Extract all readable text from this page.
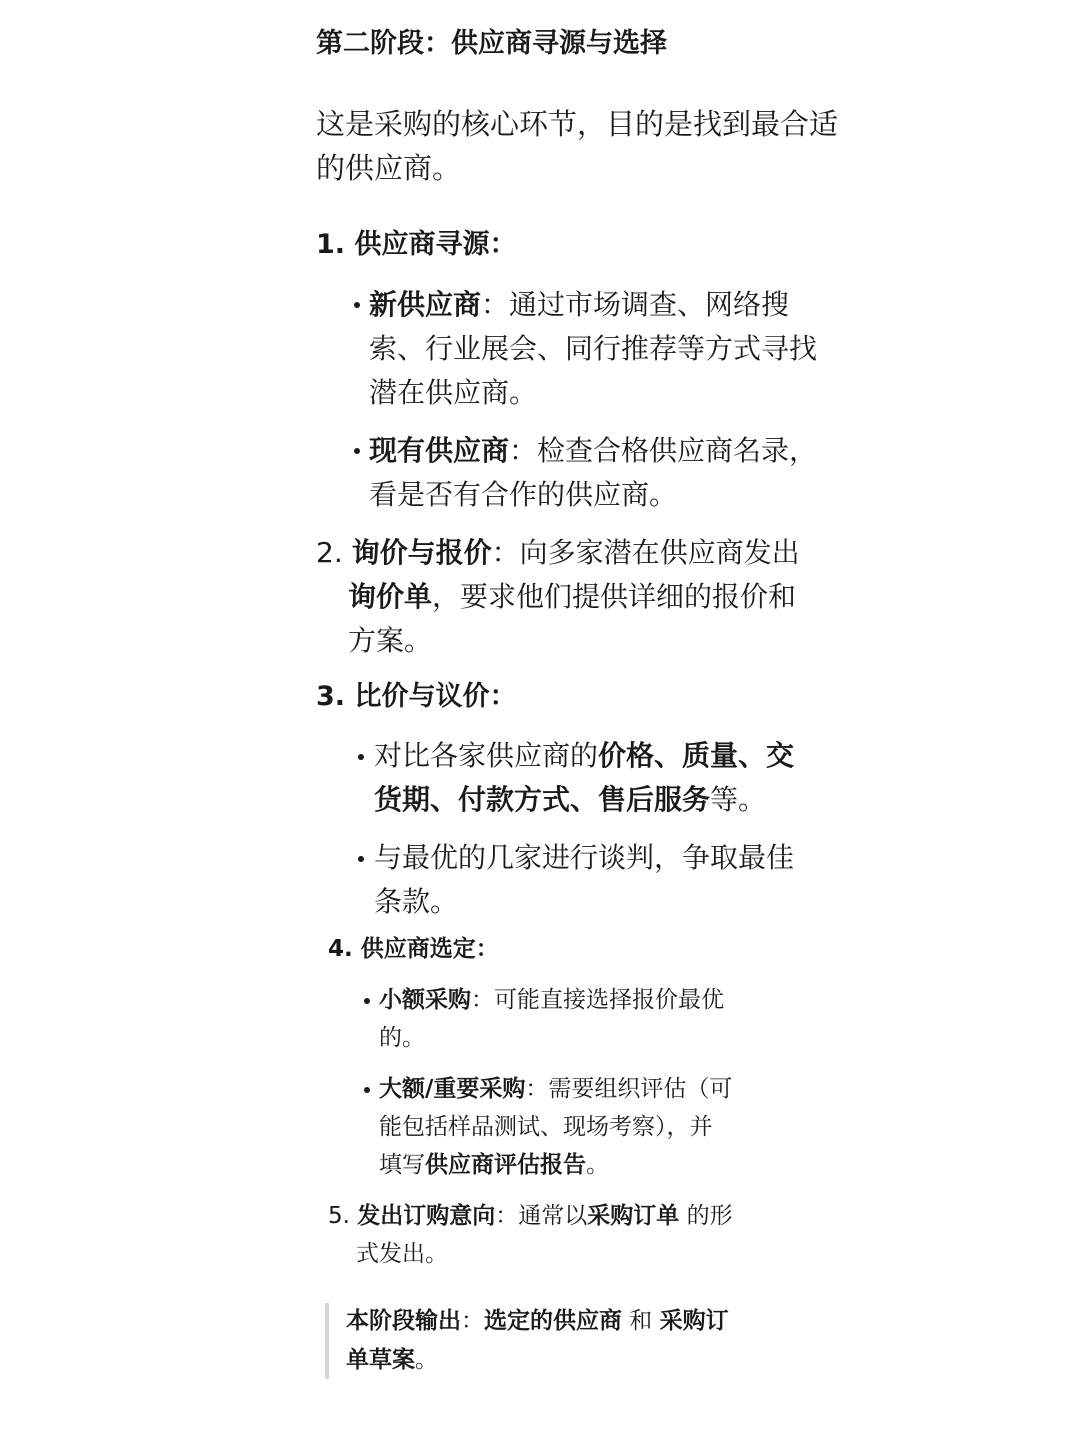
第二阶段：供应商寻源与选择
这是采购的核心环节，目的是找到最合适
的供应商。
1. 供应商寻源：
新供应商：通过市场调查、网络搜
索、行业展会、同行推荐等方式寻找
潜在供应商。
现有供应商：检查合格供应商名录，
看是否有合作的供应商。
2. 询价与报价：向多家潜在供应商发出
询价单，要求他们提供详细的报价和
方案。
3. 比价与议价：
对比各家供应商的价格、质量、交
货期、付款方式、售后服务等。
与最优的几家进行谈判，争取最佳
条款。
4. 供应商选定：
小额采购：可能直接选择报价最优
的。
大额/重要采购：需要组织评估（可
能包括样品测试、现场考察），并
填写供应商评估报告。
5. 发出订购意向：通常以采购订单 的形
式发出。
本阶段输出：选定的供应商 和 采购订
单草案。
